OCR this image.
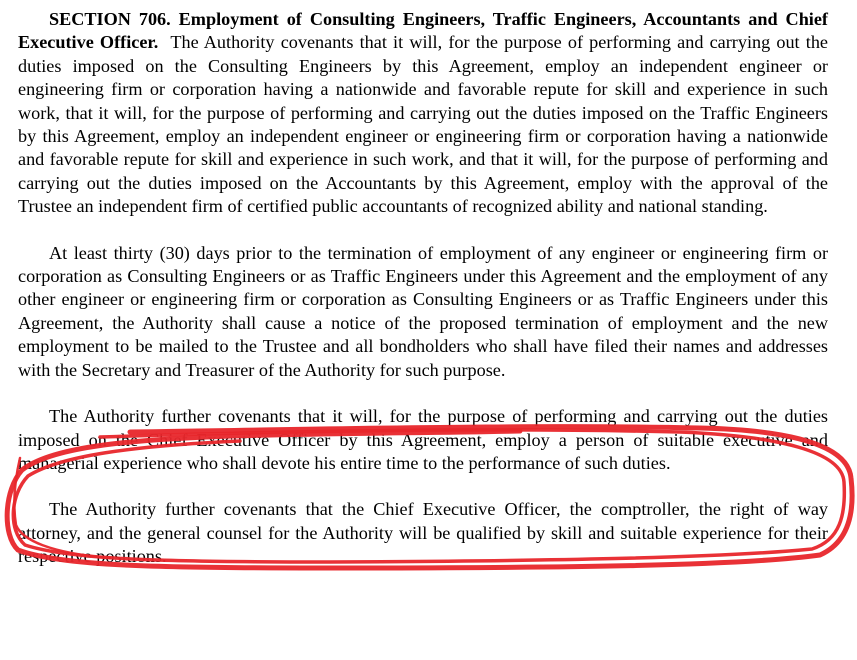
SECTION 706. Employment of Consulting Engineers, Traffic Engineers, Accountants and Chief Executive Officer. The Authority covenants that it will, for the purpose of performing and carrying out the duties imposed on the Consulting Engineers by this Agreement, employ an independent engineer or engineering firm or corporation having a nationwide and favorable repute for skill and experience in such work, that it will, for the purpose of performing and carrying out the duties imposed on the Traffic Engineers by this Agreement, employ an independent engineer or engineering firm or corporation having a nationwide and favorable repute for skill and experience in such work, and that it will, for the purpose of performing and carrying out the duties imposed on the Accountants by this Agreement, employ with the approval of the Trustee an independent firm of certified public accountants of recognized ability and national standing.

At least thirty (30) days prior to the termination of employment of any engineer or engineering firm or corporation as Consulting Engineers or as Traffic Engineers under this Agreement and the employment of any other engineer or engineering firm or corporation as Consulting Engineers or as Traffic Engineers under this Agreement, the Authority shall cause a notice of the proposed termination of employment and the new employment to be mailed to the Trustee and all bondholders who shall have filed their names and addresses with the Secretary and Treasurer of the Authority for such purpose.

The Authority further covenants that it will, for the purpose of performing and carrying out the duties imposed on the Chief Executive Officer by this Agreement, employ a person of suitable executive and managerial experience who shall devote his entire time to the performance of such duties.

The Authority further covenants that the Chief Executive Officer, the comptroller, the right of way attorney, and the general counsel for the Authority will be qualified by skill and suitable experience for their respective positions.
